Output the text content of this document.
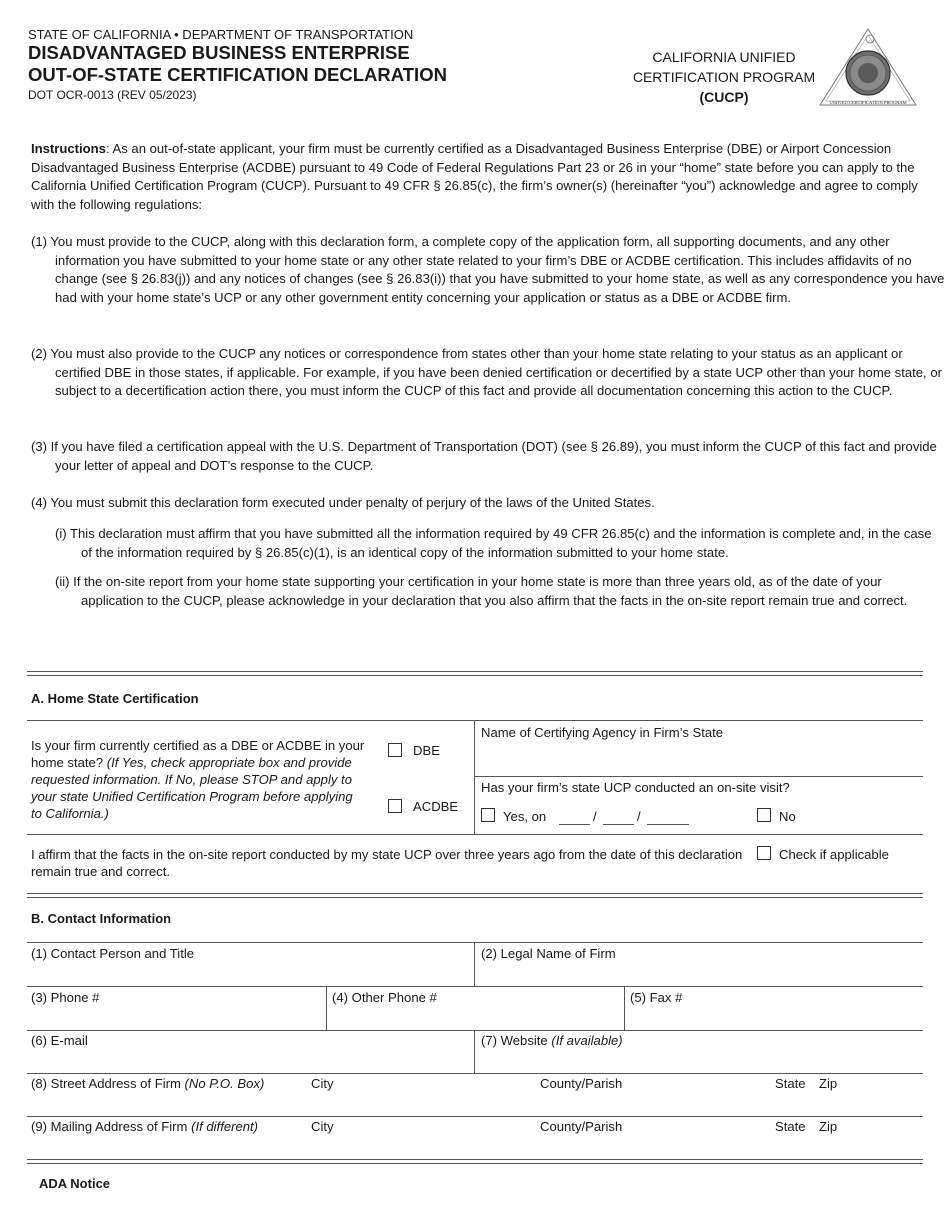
STATE OF CALIFORNIA • DEPARTMENT OF TRANSPORTATION
DISADVANTAGED BUSINESS ENTERPRISE
OUT-OF-STATE CERTIFICATION DECLARATION
DOT OCR-0013 (REV 05/2023)
CALIFORNIA UNIFIED
CERTIFICATION PROGRAM
(CUCP)	UNIFIED CERTIFICATION PROGRAM
Instructions: As an out-of-state applicant, your firm must be currently certified as a Disadvantaged Business Enterprise (DBE) or Airport Concession Disadvantaged Business Enterprise (ACDBE) pursuant to 49 Code of Federal Regulations Part 23 or 26 in your “home” state before you can apply to the California Unified Certification Program (CUCP). Pursuant to 49 CFR § 26.85(c), the firm’s owner(s) (hereinafter “you”) acknowledge and agree to comply with the following regulations:
(1) You must provide to the CUCP, along with this declaration form, a complete copy of the application form, all supporting documents, and any other information you have submitted to your home state or any other state related to your firm’s DBE or ACDBE certification. This includes affidavits of no change (see § 26.83(j)) and any notices of changes (see § 26.83(i)) that you have submitted to your home state, as well as any correspondence you have had with your home state’s UCP or any other government entity concerning your application or status as a DBE or ACDBE firm.
(2) You must also provide to the CUCP any notices or correspondence from states other than your home state relating to your status as an applicant or certified DBE in those states, if applicable. For example, if you have been denied certification or decertified by a state UCP other than your home state, or subject to a decertification action there, you must inform the CUCP of this fact and provide all documentation concerning this action to the CUCP.
(3) If you have filed a certification appeal with the U.S. Department of Transportation (DOT) (see § 26.89), you must inform the CUCP of this fact and provide your letter of appeal and DOT’s response to the CUCP.
(4) You must submit this declaration form executed under penalty of perjury of the laws of the United States.
(i) This declaration must affirm that you have submitted all the information required by 49 CFR 26.85(c) and the information is complete and, in the case of the information required by § 26.85(c)(1), is an identical copy of the information submitted to your home state.
(ii) If the on-site report from your home state supporting your certification in your home state is more than three years old, as of the date of your application to the CUCP, please acknowledge in your declaration that you also affirm that the facts in the on-site report remain true and correct.
A. Home State Certification
Is your firm currently certified as a DBE or ACDBE in your home state? (If Yes, check appropriate box and provide requested information. If No, please STOP and apply to your state Unified Certification Program before applying to California.)
DBE
ACDBE
Name of Certifying Agency in Firm’s State
Has your firm’s state UCP conducted an on-site visit?
Yes, on	/	/	No
I affirm that the facts in the on-site report conducted by my state UCP over three years ago from the date of this declaration remain true and correct.
Check if applicable
B. Contact Information
(1) Contact Person and Title	(2) Legal Name of Firm
(3) Phone #	(4) Other Phone #	(5) Fax #
(6) E-mail	(7) Website (If available)
(8) Street Address of Firm (No P.O. Box)	City	County/Parish	State Zip
(9) Mailing Address of Firm (If different)	City	County/Parish	State Zip
ADA Notice
